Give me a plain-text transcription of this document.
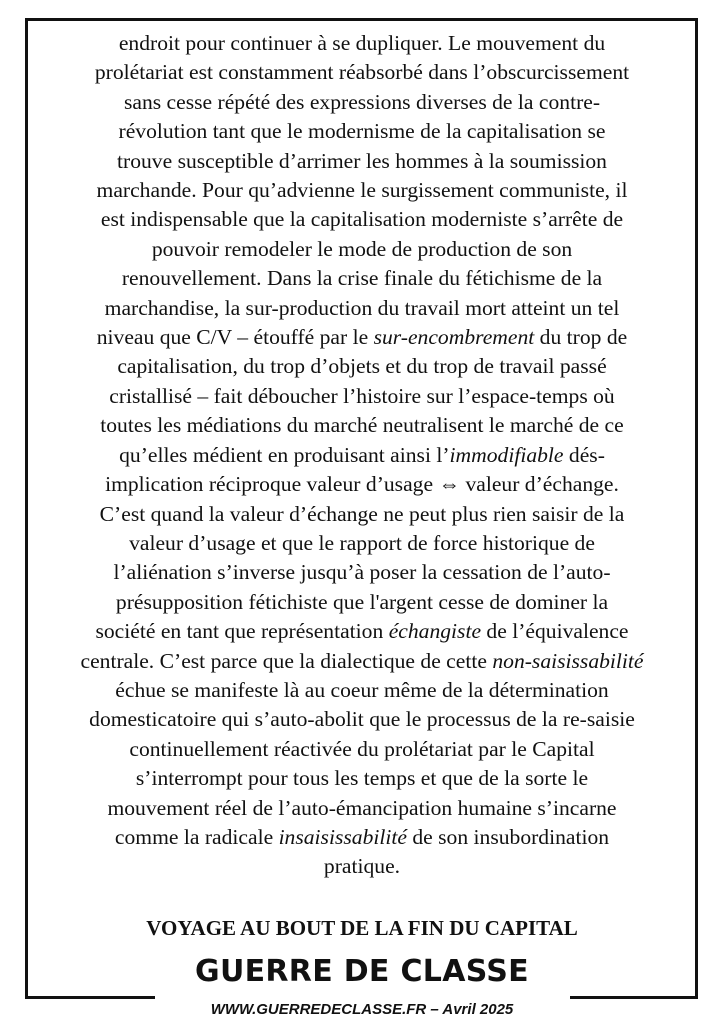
endroit pour continuer à se dupliquer. Le mouvement du
prolétariat est constamment réabsorbé dans l’obscurcissement
sans cesse répété des expressions diverses de la contre-
révolution tant que le modernisme de la capitalisation se
trouve susceptible d’arrimer les hommes à la soumission
marchande. Pour qu’advienne le surgissement communiste, il
est indispensable que la capitalisation moderniste s’arrête de
pouvoir remodeler le mode de production de son
renouvellement. Dans la crise finale du fétichisme de la
marchandise, la sur-production du travail mort atteint un tel
niveau que C/V – étouffé par le sur-encombrement du trop de
capitalisation, du trop d’objets et du trop de travail passé
cristallisé – fait déboucher l’histoire sur l’espace-temps où
toutes les médiations du marché neutralisent le marché de ce
qu’elles médient en produisant ainsi l’immodifiable dés-
implication réciproque valeur d’usage ⇔ valeur d’échange.
C’est quand la valeur d’échange ne peut plus rien saisir de la
valeur d’usage et que le rapport de force historique de
l’aliénation s’inverse jusqu’à poser la cessation de l’auto-
présupposition fétichiste que l'argent cesse de dominer la
société en tant que représentation échangiste de l’équivalence
centrale. C’est parce que la dialectique de cette non-saisissabilité
échue se manifeste là au coeur même de la détermination
domesticatoire qui s’auto-abolit que le processus de la re-saisie
continuellement réactivée du prolétariat par le Capital
s’interrompt pour tous les temps et que de la sorte le
mouvement réel de l’auto-émancipation humaine s’incarne
comme la radicale insaisissabilité de son insubordination
pratique.
VOYAGE AU BOUT DE LA FIN DU CAPITAL
GUERRE DE CLASSE
WWW.GUERREDECLASSE.FR – Avril 2025
